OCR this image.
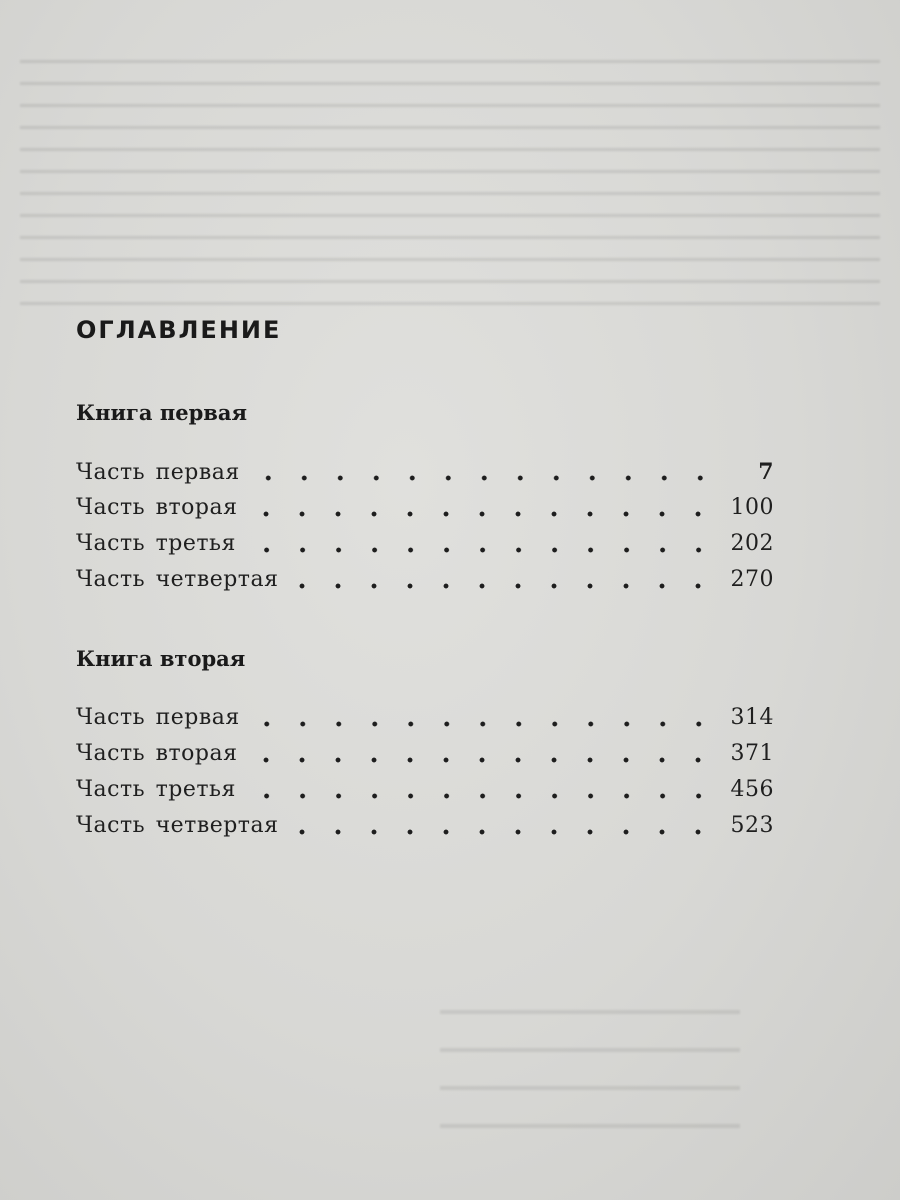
ОГЛАВЛЕНИЕ
Книга первая
Часть первая	7
Часть вторая	100
Часть третья	202
Часть четвертая	270
Книга вторая
Часть первая	314
Часть вторая	371
Часть третья	456
Часть четвертая	523
